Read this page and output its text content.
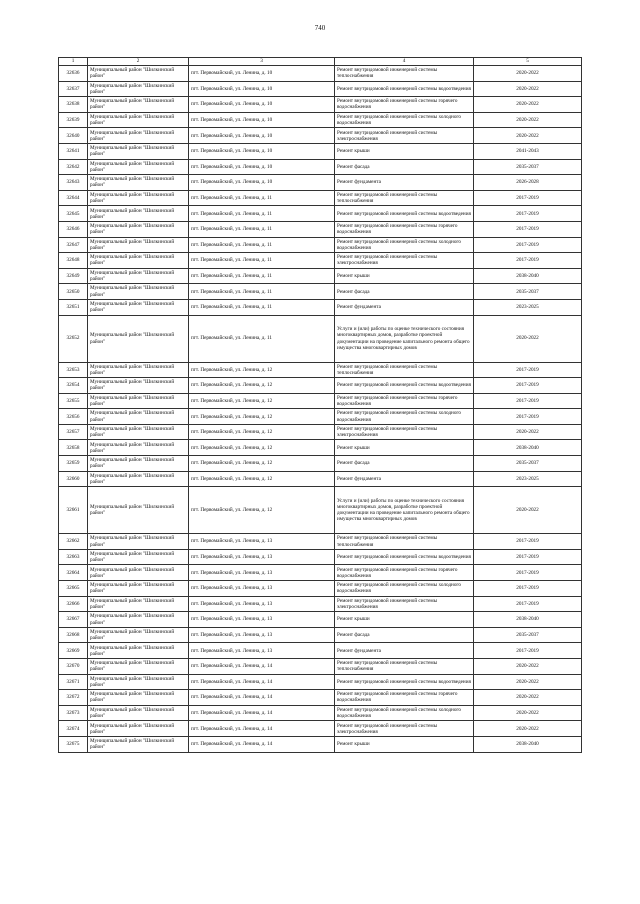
740
1	2	3	4	5
32636	Муниципальный район "Шилкинский район"	пгт. Первомайский, ул. Ленина, д. 10	Ремонт внутридомовой инженерной системы теплоснабжения	2020-2022
32637	Муниципальный район "Шилкинский район"	пгт. Первомайский, ул. Ленина, д. 10	Ремонт внутридомовой инженерной системы водоотведения	2020-2022
32638	Муниципальный район "Шилкинский район"	пгт. Первомайский, ул. Ленина, д. 10	Ремонт внутридомовой инженерной системы горячего водоснабжения	2020-2022
32639	Муниципальный район "Шилкинский район"	пгт. Первомайский, ул. Ленина, д. 10	Ремонт внутридомовой инженерной системы холодного водоснабжения	2020-2022
32640	Муниципальный район "Шилкинский район"	пгт. Первомайский, ул. Ленина, д. 10	Ремонт внутридомовой инженерной системы электроснабжения	2020-2022
32641	Муниципальный район "Шилкинский район"	пгт. Первомайский, ул. Ленина, д. 10	Ремонт крыши	2041-2043
32642	Муниципальный район "Шилкинский район"	пгт. Первомайский, ул. Ленина, д. 10	Ремонт фасада	2035-2037
32643	Муниципальный район "Шилкинский район"	пгт. Первомайский, ул. Ленина, д. 10	Ремонт фундамента	2026-2028
32644	Муниципальный район "Шилкинский район"	пгт. Первомайский, ул. Ленина, д. 11	Ремонт внутридомовой инженерной системы теплоснабжения	2017-2019
32645	Муниципальный район "Шилкинский район"	пгт. Первомайский, ул. Ленина, д. 11	Ремонт внутридомовой инженерной системы водоотведения	2017-2019
32646	Муниципальный район "Шилкинский район"	пгт. Первомайский, ул. Ленина, д. 11	Ремонт внутридомовой инженерной системы горячего водоснабжения	2017-2019
32647	Муниципальный район "Шилкинский район"	пгт. Первомайский, ул. Ленина, д. 11	Ремонт внутридомовой инженерной системы холодного водоснабжения	2017-2019
32648	Муниципальный район "Шилкинский район"	пгт. Первомайский, ул. Ленина, д. 11	Ремонт внутридомовой инженерной системы электроснабжения	2017-2019
32649	Муниципальный район "Шилкинский район"	пгт. Первомайский, ул. Ленина, д. 11	Ремонт крыши	2038-2040
32650	Муниципальный район "Шилкинский район"	пгт. Первомайский, ул. Ленина, д. 11	Ремонт фасада	2035-2037
32651	Муниципальный район "Шилкинский район"	пгт. Первомайский, ул. Ленина, д. 11	Ремонт фундамента	2023-2025
32652	Муниципальный район "Шилкинский район"	пгт. Первомайский, ул. Ленина, д. 11	Услуги и (или) работы по оценке технического состояния многоквартирных домов, разработке проектной документации на проведение капитального ремонта общего имущества многоквартирных домов	2020-2022
32653	Муниципальный район "Шилкинский район"	пгт. Первомайский, ул. Ленина, д. 12	Ремонт внутридомовой инженерной системы теплоснабжения	2017-2019
32654	Муниципальный район "Шилкинский район"	пгт. Первомайский, ул. Ленина, д. 12	Ремонт внутридомовой инженерной системы водоотведения	2017-2019
32655	Муниципальный район "Шилкинский район"	пгт. Первомайский, ул. Ленина, д. 12	Ремонт внутридомовой инженерной системы горячего водоснабжения	2017-2019
32656	Муниципальный район "Шилкинский район"	пгт. Первомайский, ул. Ленина, д. 12	Ремонт внутридомовой инженерной системы холодного водоснабжения	2017-2019
32657	Муниципальный район "Шилкинский район"	пгт. Первомайский, ул. Ленина, д. 12	Ремонт внутридомовой инженерной системы электроснабжения	2020-2022
32658	Муниципальный район "Шилкинский район"	пгт. Первомайский, ул. Ленина, д. 12	Ремонт крыши	2038-2040
32659	Муниципальный район "Шилкинский район"	пгт. Первомайский, ул. Ленина, д. 12	Ремонт фасада	2035-2037
32660	Муниципальный район "Шилкинский район"	пгт. Первомайский, ул. Ленина, д. 12	Ремонт фундамента	2023-2025
32661	Муниципальный район "Шилкинский район"	пгт. Первомайский, ул. Ленина, д. 12	Услуги и (или) работы по оценке технического состояния многоквартирных домов, разработке проектной документации на проведение капитального ремонта общего имущества многоквартирных домов	2020-2022
32662	Муниципальный район "Шилкинский район"	пгт. Первомайский, ул. Ленина, д. 13	Ремонт внутридомовой инженерной системы теплоснабжения	2017-2019
32663	Муниципальный район "Шилкинский район"	пгт. Первомайский, ул. Ленина, д. 13	Ремонт внутридомовой инженерной системы водоотведения	2017-2019
32664	Муниципальный район "Шилкинский район"	пгт. Первомайский, ул. Ленина, д. 13	Ремонт внутридомовой инженерной системы горячего водоснабжения	2017-2019
32665	Муниципальный район "Шилкинский район"	пгт. Первомайский, ул. Ленина, д. 13	Ремонт внутридомовой инженерной системы холодного водоснабжения	2017-2019
32666	Муниципальный район "Шилкинский район"	пгт. Первомайский, ул. Ленина, д. 13	Ремонт внутридомовой инженерной системы электроснабжения	2017-2019
32667	Муниципальный район "Шилкинский район"	пгт. Первомайский, ул. Ленина, д. 13	Ремонт крыши	2038-2040
32668	Муниципальный район "Шилкинский район"	пгт. Первомайский, ул. Ленина, д. 13	Ремонт фасада	2035-2037
32669	Муниципальный район "Шилкинский район"	пгт. Первомайский, ул. Ленина, д. 13	Ремонт фундамента	2017-2019
32670	Муниципальный район "Шилкинский район"	пгт. Первомайский, ул. Ленина, д. 14	Ремонт внутридомовой инженерной системы теплоснабжения	2020-2022
32671	Муниципальный район "Шилкинский район"	пгт. Первомайский, ул. Ленина, д. 14	Ремонт внутридомовой инженерной системы водоотведения	2020-2022
32672	Муниципальный район "Шилкинский район"	пгт. Первомайский, ул. Ленина, д. 14	Ремонт внутридомовой инженерной системы горячего водоснабжения	2020-2022
32673	Муниципальный район "Шилкинский район"	пгт. Первомайский, ул. Ленина, д. 14	Ремонт внутридомовой инженерной системы холодного водоснабжения	2020-2022
32674	Муниципальный район "Шилкинский район"	пгт. Первомайский, ул. Ленина, д. 14	Ремонт внутридомовой инженерной системы электроснабжения	2020-2022
32675	Муниципальный район "Шилкинский район"	пгт. Первомайский, ул. Ленина, д. 14	Ремонт крыши	2038-2040
